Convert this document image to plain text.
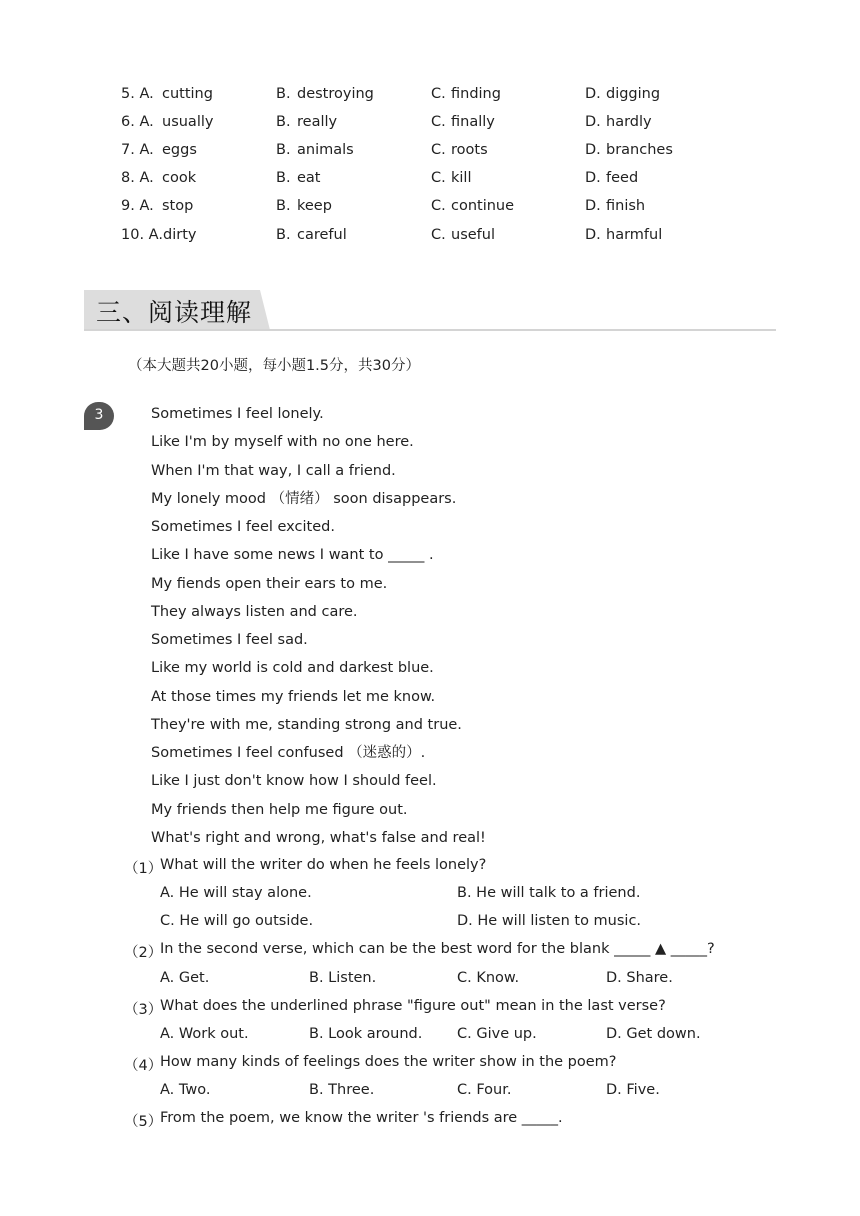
5. A. cutting	B. destroying	C. finding	D. digging
6. A. usually	B. really	C. finally	D. hardly
7. A. eggs	B. animals	C. roots	D. branches
8. A. cook	B. eat	C. kill	D. feed
9. A. stop	B. keep	C. continue	D. finish
10. A. dirty	B. careful	C. useful	D. harmful
三、阅读理解
（本大题共20小题，每小题1.5分，共30分）
3	Sometimes I feel lonely.
Like I'm by myself with no one here.
When I'm that way, I call a friend.
My lonely mood （情绪） soon disappears.
Sometimes I feel excited.
Like I have some news I want to _____ .
My fiends open their ears to me.
They always listen and care.
Sometimes I feel sad.
Like my world is cold and darkest blue.
At those times my friends let me know.
They're with me, standing strong and true.
Sometimes I feel confused （迷惑的）.
Like I just don't know how I should feel.
My friends then help me figure out.
What's right and wrong, what's false and real!
（1）
What will the writer do when he feels lonely?
A. He will stay alone.	B. He will talk to a friend.
C. He will go outside.	D. He will listen to music.
（2）
In the second verse, which can be the best word for the blank _____ ▲ _____?
A. Get.	B. Listen.	C. Know.	D. Share.
（3）
What does the underlined phrase "figure out" mean in the last verse?
A. Work out.	B. Look around. C. Give up.	D. Get down.
（4）
How many kinds of feelings does the writer show in the poem?
A. Two.	B. Three.	C. Four.	D. Five.
（5）
From the poem, we know the writer 's friends are _____.
